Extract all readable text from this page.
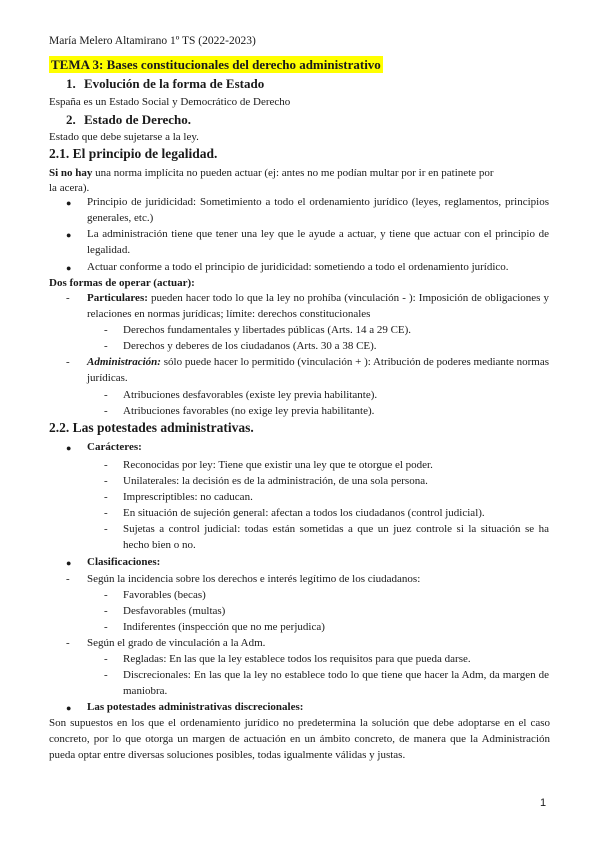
María Melero Altamirano 1º TS (2022-2023)
TEMA 3: Bases constitucionales del derecho administrativo
1. Evolución de la forma de Estado
España es un Estado Social y Democrático de Derecho
2. Estado de Derecho.
Estado que debe sujetarse a la ley.
2.1. El principio de legalidad.
Si no hay una norma implícita no pueden actuar (ej: antes no me podían multar por ir en patinete por
la acera).
● Principio de juridicidad: Sometimiento a todo el ordenamiento jurídico (leyes, reglamentos, principios generales, etc.)
● La administración tiene que tener una ley que le ayude a actuar, y tiene que actuar con el principio de legalidad.
● Actuar conforme a todo el principio de juridicidad: sometiendo a todo el ordenamiento jurídico.
Dos formas de operar (actuar):
- Particulares: pueden hacer todo lo que la ley no prohíba (vinculación - ): Imposición de obligaciones y relaciones en normas jurídicas; límite: derechos constitucionales
- Derechos fundamentales y libertades públicas (Arts. 14 a 29 CE).
- Derechos y deberes de los ciudadanos (Arts. 30 a 38 CE).
- Administración: sólo puede hacer lo permitido (vinculación + ): Atribución de poderes mediante normas jurídicas.
- Atribuciones desfavorables (existe ley previa habilitante).
- Atribuciones favorables (no exige ley previa habilitante).
2.2. Las potestades administrativas.
● Carácteres:
- Reconocidas por ley: Tiene que existir una ley que te otorgue el poder.
- Unilaterales: la decisión es de la administración, de una sola persona.
- Imprescriptibles: no caducan.
- En situación de sujeción general: afectan a todos los ciudadanos (control judicial).
- Sujetas a control judicial: todas están sometidas a que un juez controle si la situación se ha hecho bien o no.
● Clasificaciones:
- Según la incidencia sobre los derechos e interés legítimo de los ciudadanos:
- Favorables (becas)
- Desfavorables (multas)
- Indiferentes (inspección que no me perjudica)
- Según el grado de vinculación a la Adm.
- Regladas: En las que la ley establece todos los requisitos para que pueda darse.
- Discrecionales: En las que la ley no establece todo lo que tiene que hacer la Adm, da margen de maniobra.
● Las potestades administrativas discrecionales:
Son supuestos en los que el ordenamiento jurídico no predetermina la solución que debe adoptarse en el caso concreto, por lo que otorga un margen de actuación en un ámbito concreto, de manera que la Administración pueda optar entre diversas soluciones posibles, todas igualmente válidas y justas.
1
